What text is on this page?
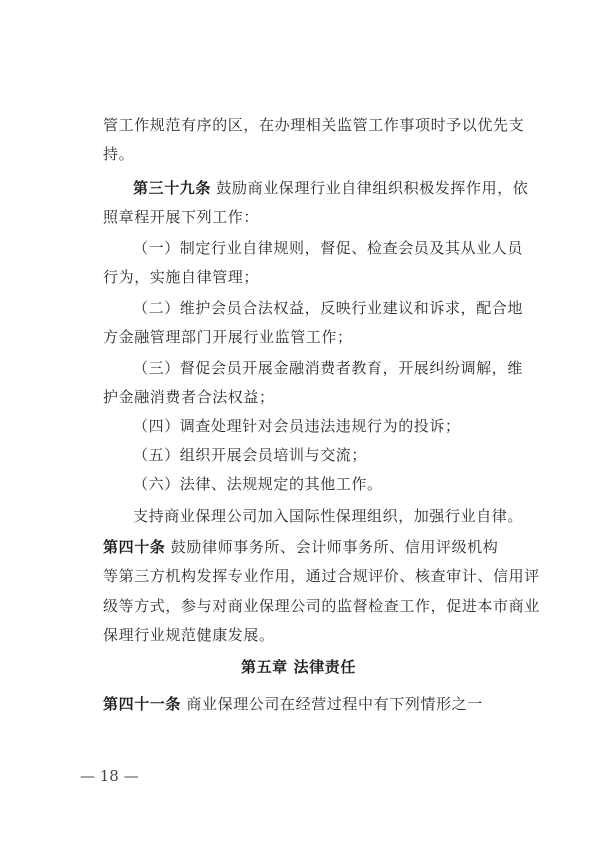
管工作规范有序的区，在办理相关监管工作事项时予以优先支
持。
第三十九条 鼓励商业保理行业自律组织积极发挥作用，依
照章程开展下列工作：
（一）制定行业自律规则，督促、检查会员及其从业人员
行为，实施自律管理；
（二）维护会员合法权益，反映行业建议和诉求，配合地
方金融管理部门开展行业监管工作；
（三）督促会员开展金融消费者教育，开展纠纷调解，维
护金融消费者合法权益；
（四）调查处理针对会员违法违规行为的投诉；
（五）组织开展会员培训与交流；
（六）法律、法规规定的其他工作。
支持商业保理公司加入国际性保理组织，加强行业自律。
第四十条 鼓励律师事务所、会计师事务所、信用评级机构
等第三方机构发挥专业作用，通过合规评价、核查审计、信用评
级等方式，参与对商业保理公司的监督检查工作，促进本市商业
保理行业规范健康发展。
第五章 法律责任
第四十一条 商业保理公司在经营过程中有下列情形之一
— 18 —
